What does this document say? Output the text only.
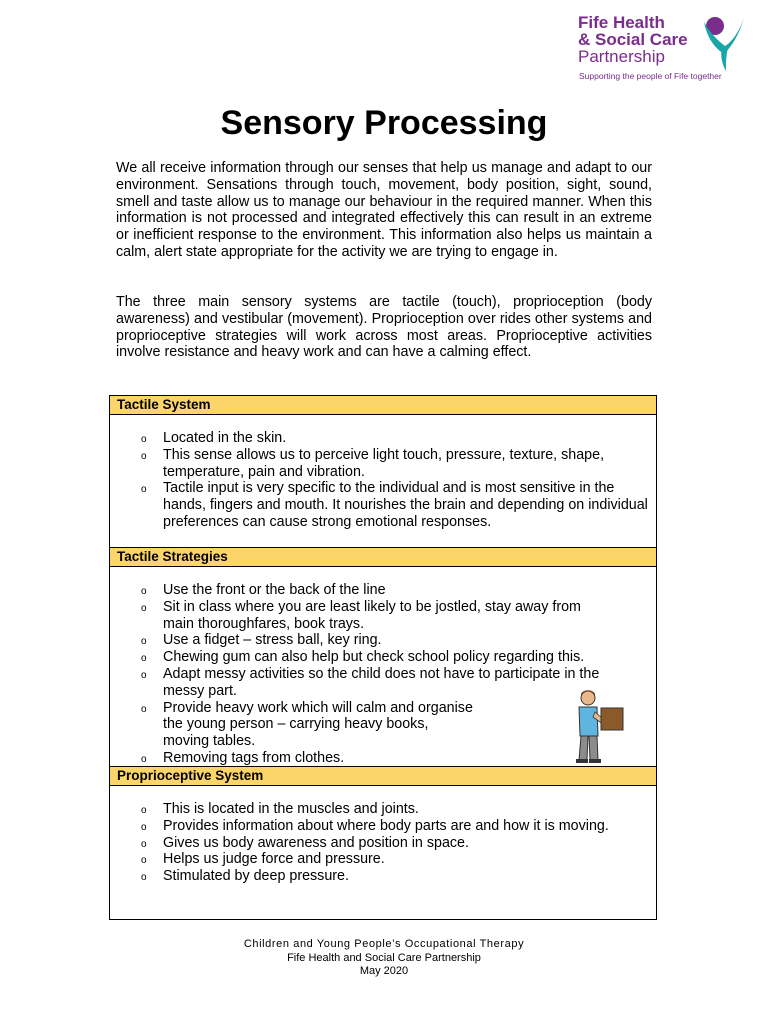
Fife Health
& Social Care
Partnership
Supporting the people of Fife together
Sensory Processing
We all receive information through our senses that help us manage and adapt to our environment. Sensations through touch, movement, body position, sight, sound, smell and taste allow us to manage our behaviour in the required manner. When this information is not processed and integrated effectively this can result in an extreme or inefficient response to the environment. This information also helps us maintain a calm, alert state appropriate for the activity we are trying to engage in.
The three main sensory systems are tactile (touch), proprioception (body awareness) and vestibular (movement). Proprioception over rides other systems and proprioceptive strategies will work across most areas. Proprioceptive activities involve resistance and heavy work and can have a calming effect.
Tactile System
o Located in the skin.
o This sense allows us to perceive light touch, pressure, texture, shape, temperature, pain and vibration.
o Tactile input is very specific to the individual and is most sensitive in the hands, fingers and mouth. It nourishes the brain and depending on individual preferences can cause strong emotional responses.
Tactile Strategies
o Use the front or the back of the line
o Sit in class where you are least likely to be jostled, stay away from main thoroughfares, book trays.
o Use a fidget – stress ball, key ring.
o Chewing gum can also help but check school policy regarding this.
o Adapt messy activities so the child does not have to participate in the messy part.
o Provide heavy work which will calm and organise the young person – carrying heavy books, moving tables.
o Removing tags from clothes.
Proprioceptive System
o This is located in the muscles and joints.
o Provides information about where body parts are and how it is moving.
o Gives us body awareness and position in space.
o Helps us judge force and pressure.
o Stimulated by deep pressure.
Children and Young People’s Occupational Therapy
Fife Health and Social Care Partnership
May 2020
